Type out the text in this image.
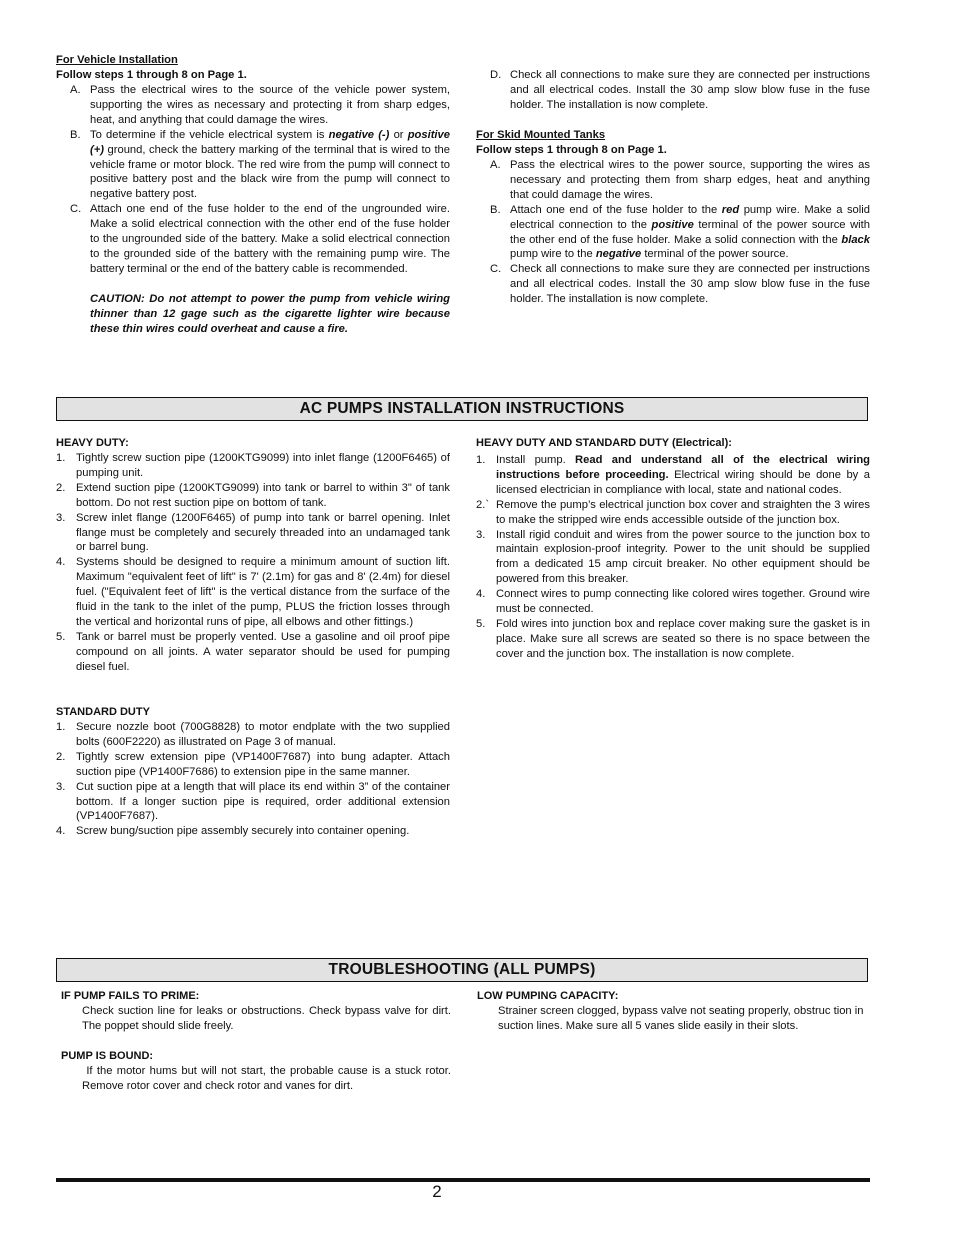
For Vehicle Installation

Follow steps 1 through 8 on Page 1.

A. Pass the electrical wires to the source of the vehicle power system, supporting the wires as necessary and protecting it from sharp edges, heat, and anything that could damage the wires.

B. To determine if the vehicle electrical system is negative (-) or positive (+) ground, check the battery marking of the terminal that is wired to the vehicle frame or motor block. The red wire from the pump will connect to positive battery post and the black wire from the pump will connect to negative battery post.

C. Attach one end of the fuse holder to the end of the ungrounded wire. Make a solid electrical connection with the other end of the fuse holder to the ungrounded side of the battery. Make a solid electrical connection to the grounded side of the battery with the remaining pump wire. The battery terminal or the end of the battery cable is recommended.

CAUTION: Do not attempt to power the pump from vehicle wiring thinner than 12 gage such as the cigarette lighter wire because these thin wires could overheat and cause a fire.

D. Check all connections to make sure they are connected per instructions and all electrical codes. Install the 30 amp slow blow fuse in the fuse holder. The installation is now complete.

For Skid Mounted Tanks

Follow steps 1 through 8 on Page 1.

A. Pass the electrical wires to the power source, supporting the wires as necessary and protecting them from sharp edges, heat and anything that could damage the wires.

B. Attach one end of the fuse holder to the red pump wire. Make a solid electrical connection to the positive terminal of the power source with the other end of the fuse holder. Make a solid connection with the black pump wire to the negative terminal of the power source.

C. Check all connections to make sure they are connected per instructions and all electrical codes. Install the 30 amp slow blow fuse in the fuse holder. The installation is now complete.

AC PUMPS INSTALLATION INSTRUCTIONS

HEAVY DUTY:

1. Tightly screw suction pipe (1200KTG9099) into inlet flange (1200F6465) of pumping unit.

2. Extend suction pipe (1200KTG9099) into tank or barrel to within 3" of tank bottom. Do not rest suction pipe on bottom of tank.

3. Screw inlet flange (1200F6465) of pump into tank or barrel opening. Inlet flange must be completely and securely threaded into an undamaged tank or barrel bung.

4. Systems should be designed to require a minimum amount of suction lift. Maximum "equivalent feet of lift" is 7' (2.1m) for gas and 8' (2.4m) for diesel fuel. ("Equivalent feet of lift" is the vertical distance from the surface of the fluid in the tank to the inlet of the pump, PLUS the friction losses through the vertical and horizontal runs of pipe, all elbows and other fittings.)

5. Tank or barrel must be properly vented. Use a gasoline and oil proof pipe compound on all joints. A water separator should be used for pumping diesel fuel.

STANDARD DUTY

1. Secure nozzle boot (700G8828) to motor endplate with the two supplied bolts (600F2220) as illustrated on Page 3 of manual.

2. Tightly screw extension pipe (VP1400F7687) into bung adapter. Attach suction pipe (VP1400F7686) to extension pipe in the same manner.

3. Cut suction pipe at a length that will place its end within 3” of the container bottom. If a longer suction pipe is required, order additional extension (VP1400F7687).

4. Screw bung/suction pipe assembly securely into container opening.

HEAVY DUTY AND STANDARD DUTY (Electrical):

1. Install pump. Read and understand all of the electrical wiring instructions before proceeding. Electrical wiring should be done by a licensed electrician in compliance with local, state and national codes.

2.` Remove the pump’s electrical junction box cover and straighten the 3 wires to make the stripped wire ends accessible outside of the junction box.

3. Install rigid conduit and wires from the power source to the junction box to maintain explosion-proof integrity. Power to the unit should be supplied from a dedicated 15 amp circuit breaker. No other equipment should be powered from this breaker.

4. Connect wires to pump connecting like colored wires together. Ground wire must be connected.

5. Fold wires into junction box and replace cover making sure the gasket is in place. Make sure all screws are seated so there is no space between the cover and the junction box. The installation is now complete.

TROUBLESHOOTING (ALL PUMPS)

IF PUMP FAILS TO PRIME:

Check suction line for leaks or obstructions. Check bypass valve for dirt. The poppet should slide freely.

PUMP IS BOUND:

If the motor hums but will not start, the probable cause is a stuck rotor.  Remove rotor cover and check rotor and vanes for dirt.

LOW PUMPING CAPACITY:

Strainer screen clogged, bypass valve not seating properly, obstruc tion in suction lines. Make sure all 5 vanes slide easily in their slots.

2
